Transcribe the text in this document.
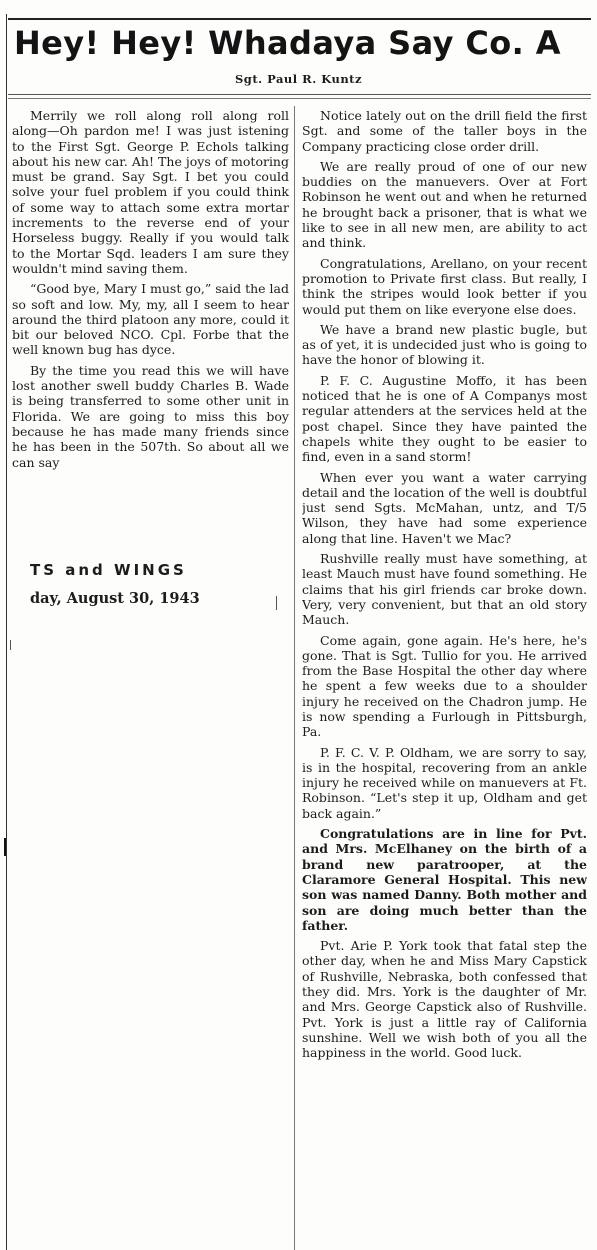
Hey! Hey! Whadaya Say Co. A
Sgt. Paul R. Kuntz

Merrily we roll along roll along roll along—Oh pardon me! I was just istening to the First Sgt. George P. Echols talking about his new car. Ah! The joys of motoring must be grand. Say Sgt. I bet you could solve your fuel problem if you could think of some way to attach some extra mortar increments to the reverse end of your Horseless buggy. Really if you would talk to the Mortar Sqd. leaders I am sure they wouldn't mind saving them.

“Good bye, Mary I must go,” said the lad so soft and low. My, my, all I seem to hear around the third platoon any more, could it bit our beloved NCO. Cpl. Forbe that the well known bug has dyce.

By the time you read this we will have lost another swell buddy Charles B. Wade is being transferred to some other unit in Florida. We are going to miss this boy because he has made many friends since he has been in the 507th. So about all we can say

TS and WINGS
day, August 30, 1943

Notice lately out on the drill field the first Sgt. and some of the taller boys in the Company practicing close order drill.

We are really proud of one of our new buddies on the manuevers. Over at Fort Robinson he went out and when he returned he brought back a prisoner, that is what we like to see in all new men, are ability to act and think.

Congratulations, Arellano, on your recent promotion to Private first class. But really, I think the stripes would look better if you would put them on like everyone else does.

We have a brand new plastic bugle, but as of yet, it is undecided just who is going to have the honor of blowing it.

P. F. C. Augustine Moffo, it has been noticed that he is one of A Companys most regular attenders at the services held at the post chapel. Since they have painted the chapels white they ought to be easier to find, even in a sand storm!

When ever you want a water carrying detail and the location of the well is doubtful just send Sgts. McMahan, untz, and T/5 Wilson, they have had some experience along that line. Haven't we Mac?

Rushville really must have something, at least Mauch must have found something. He claims that his girl friends car broke down. Very, very convenient, but that an old story Mauch.

Come again, gone again. He's here, he's gone. That is Sgt. Tullio for you. He arrived from the Base Hospital the other day where he spent a few weeks due to a shoulder injury he received on the Chadron jump. He is now spending a Furlough in Pittsburgh, Pa.

P. F. C. V. P. Oldham, we are sorry to say, is in the hospital, recovering from an ankle injury he received while on manuevers at Ft. Robinson. “Let's step it up, Oldham and get back again.”

Congratulations are in line for Pvt. and Mrs. McElhaney on the birth of a brand new paratrooper, at the Claramore General Hospital. This new son was named Danny. Both mother and son are doing much better than the father.

Pvt. Arie P. York took that fatal step the other day, when he and Miss Mary Capstick of Rushville, Nebraska, both confessed that they did. Mrs. York is the daughter of Mr. and Mrs. George Capstick also of Rushville. Pvt. York is just a little ray of California sunshine. Well we wish both of you all the happiness in the world. Good luck.
